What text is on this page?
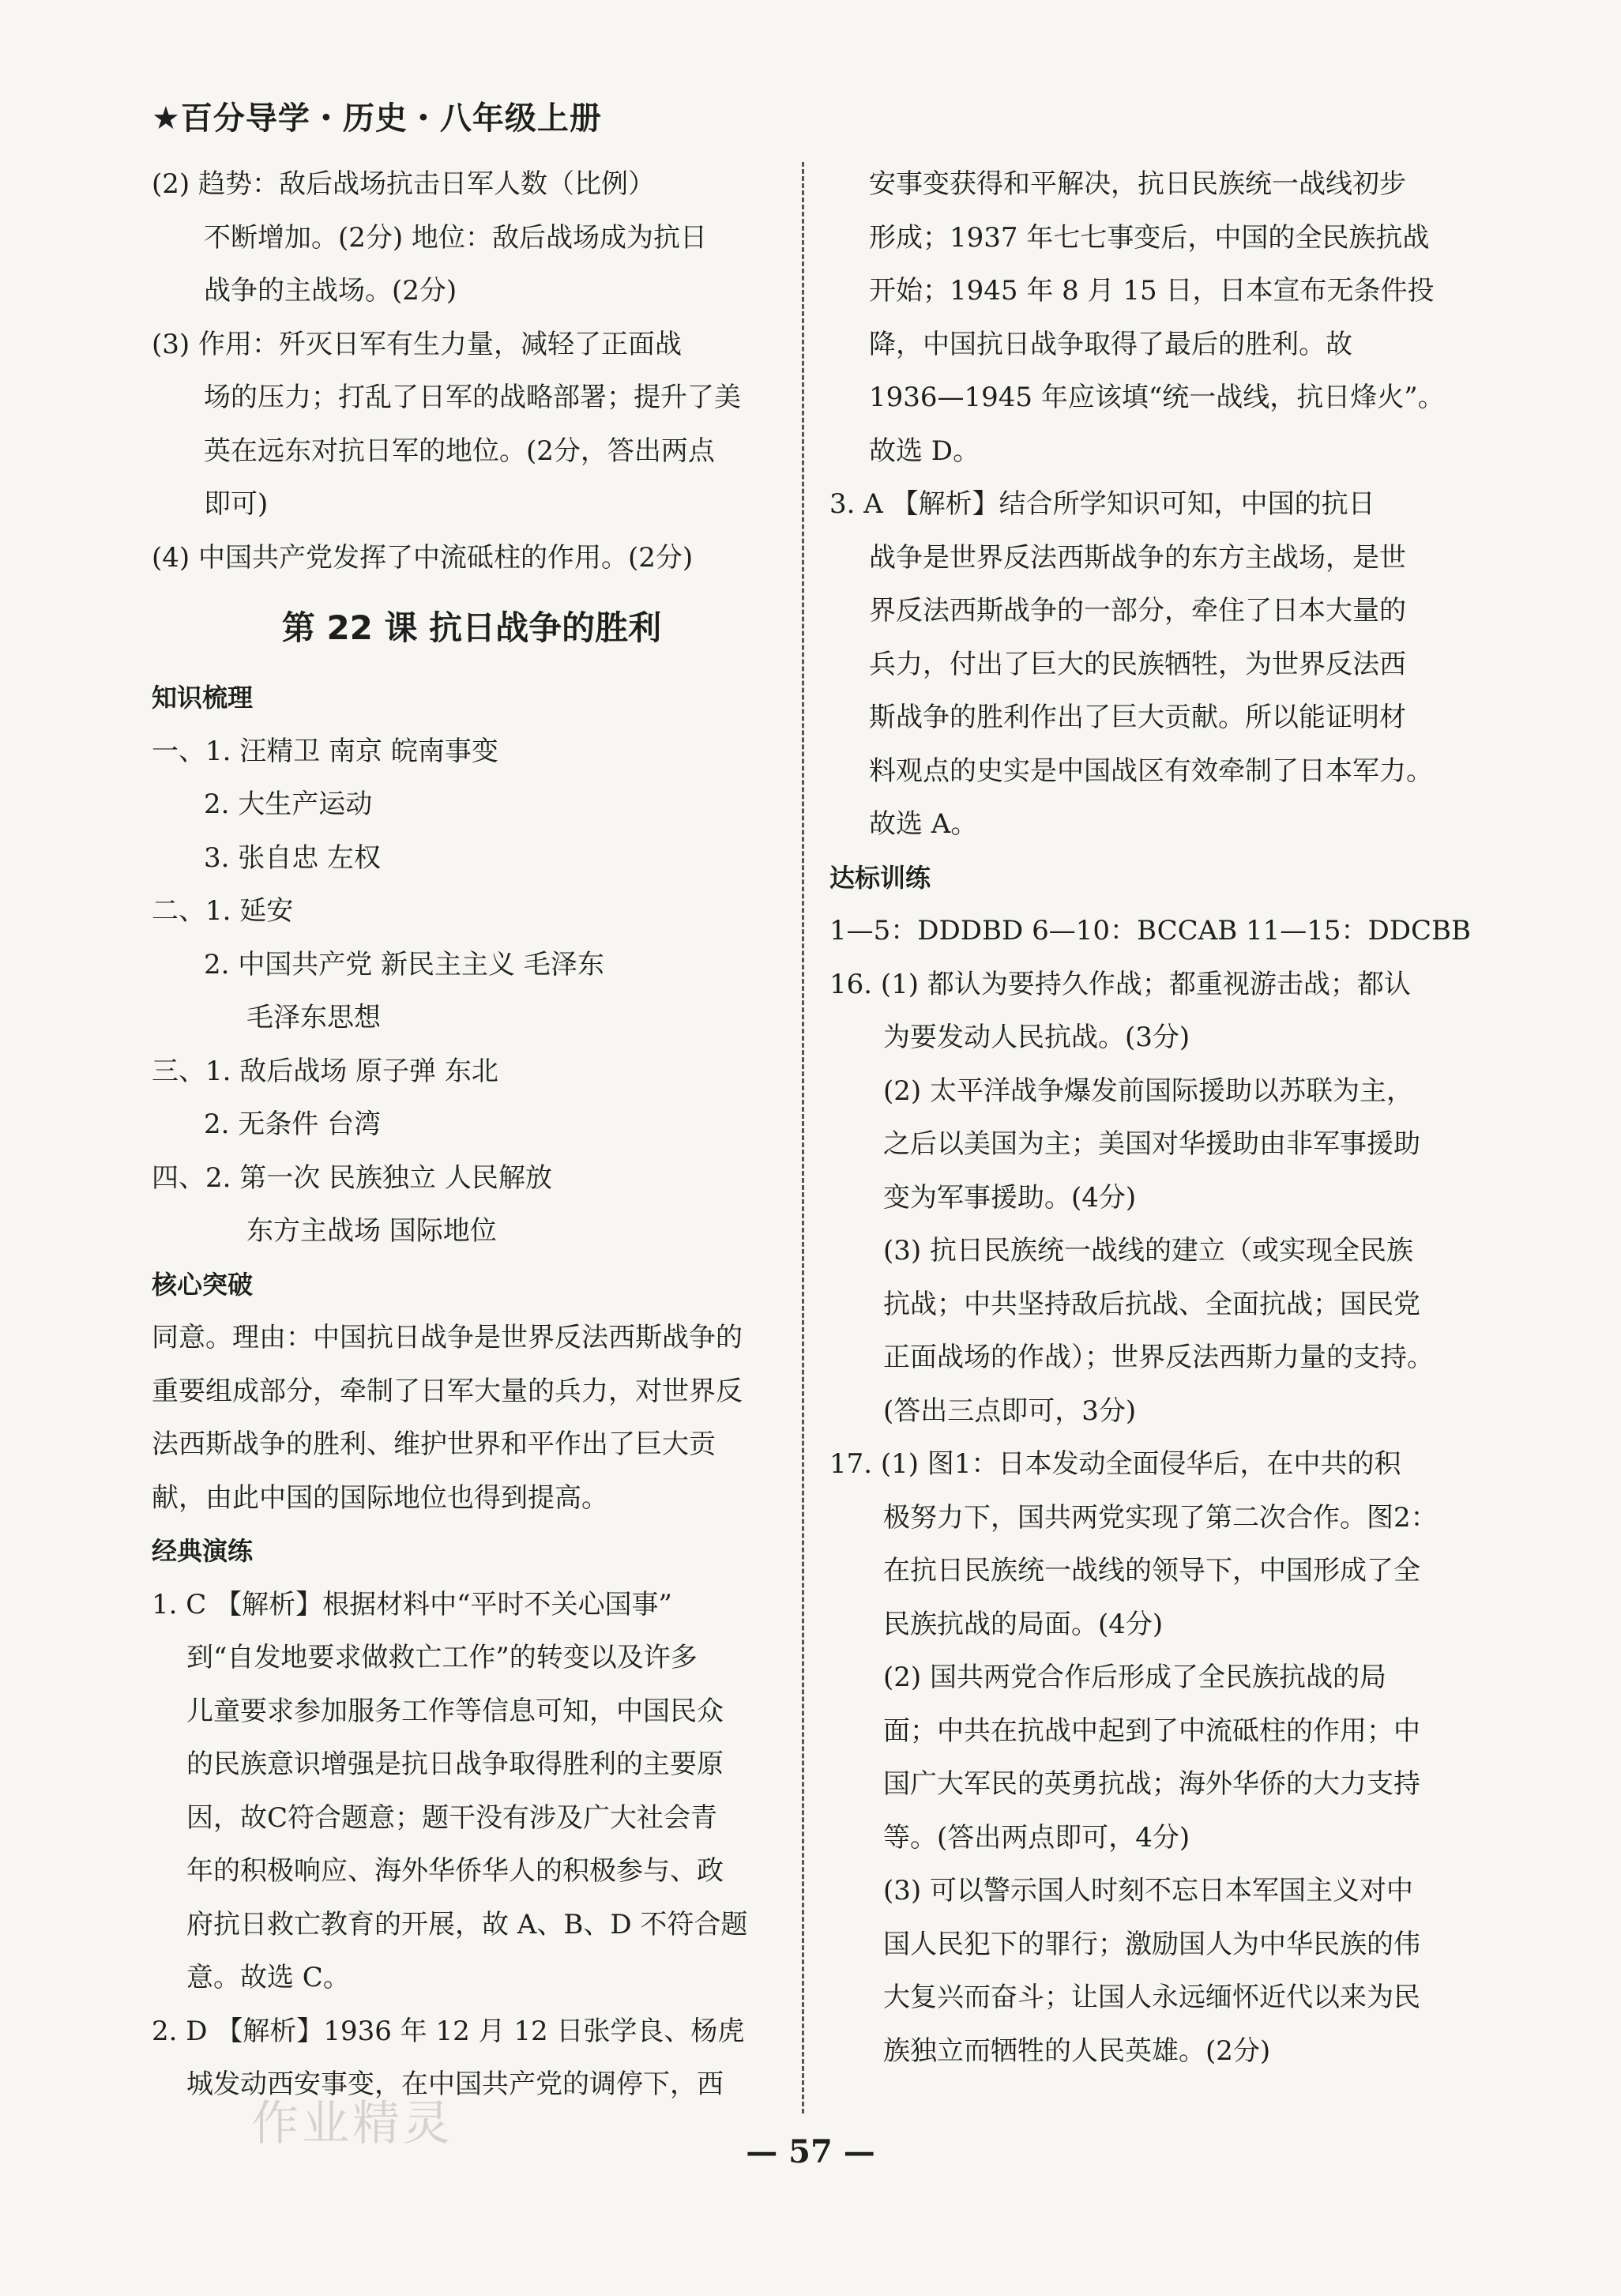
★百分导学・历史・八年级上册
(2) 趋势：敌后战场抗击日军人数（比例）
不断增加。(2分) 地位：敌后战场成为抗日
战争的主战场。(2分)
(3) 作用：歼灭日军有生力量，减轻了正面战
场的压力；打乱了日军的战略部署；提升了美
英在远东对抗日军的地位。(2分，答出两点
即可)
(4) 中国共产党发挥了中流砥柱的作用。(2分)
第 22 课 抗日战争的胜利
知识梳理
一、1. 汪精卫 南京 皖南事变
2. 大生产运动
3. 张自忠 左权
二、1. 延安
2. 中国共产党 新民主主义 毛泽东
毛泽东思想
三、1. 敌后战场 原子弹 东北
2. 无条件 台湾
四、2. 第一次 民族独立 人民解放
东方主战场 国际地位
核心突破
同意。理由：中国抗日战争是世界反法西斯战争的
重要组成部分，牵制了日军大量的兵力，对世界反
法西斯战争的胜利、维护世界和平作出了巨大贡
献，由此中国的国际地位也得到提高。
经典演练
1. C 【解析】根据材料中“平时不关心国事”
到“自发地要求做救亡工作”的转变以及许多
儿童要求参加服务工作等信息可知，中国民众
的民族意识增强是抗日战争取得胜利的主要原
因，故C符合题意；题干没有涉及广大社会青
年的积极响应、海外华侨华人的积极参与、政
府抗日救亡教育的开展，故 A、B、D 不符合题
意。故选 C。
2. D 【解析】1936 年 12 月 12 日张学良、杨虎
城发动西安事变，在中国共产党的调停下，西
安事变获得和平解决，抗日民族统一战线初步
形成；1937 年七七事变后，中国的全民族抗战
开始；1945 年 8 月 15 日，日本宣布无条件投
降，中国抗日战争取得了最后的胜利。故
1936—1945 年应该填“统一战线，抗日烽火”。
故选 D。
3. A 【解析】结合所学知识可知，中国的抗日
战争是世界反法西斯战争的东方主战场，是世
界反法西斯战争的一部分，牵住了日本大量的
兵力，付出了巨大的民族牺牲，为世界反法西
斯战争的胜利作出了巨大贡献。所以能证明材
料观点的史实是中国战区有效牵制了日本军力。
故选 A。
达标训练
1—5：DDDBD 6—10：BCCAB 11—15：DDCBB
16. (1) 都认为要持久作战；都重视游击战；都认
为要发动人民抗战。(3分)
(2) 太平洋战争爆发前国际援助以苏联为主，
之后以美国为主；美国对华援助由非军事援助
变为军事援助。(4分)
(3) 抗日民族统一战线的建立（或实现全民族
抗战；中共坚持敌后抗战、全面抗战；国民党
正面战场的作战）；世界反法西斯力量的支持。
(答出三点即可，3分)
17. (1) 图1：日本发动全面侵华后，在中共的积
极努力下，国共两党实现了第二次合作。图2：
在抗日民族统一战线的领导下，中国形成了全
民族抗战的局面。(4分)
(2) 国共两党合作后形成了全民族抗战的局
面；中共在抗战中起到了中流砥柱的作用；中
国广大军民的英勇抗战；海外华侨的大力支持
等。(答出两点即可，4分)
(3) 可以警示国人时刻不忘日本军国主义对中
国人民犯下的罪行；激励国人为中华民族的伟
大复兴而奋斗；让国人永远缅怀近代以来为民
族独立而牺牲的人民英雄。(2分)
作业精灵
— 57 —
